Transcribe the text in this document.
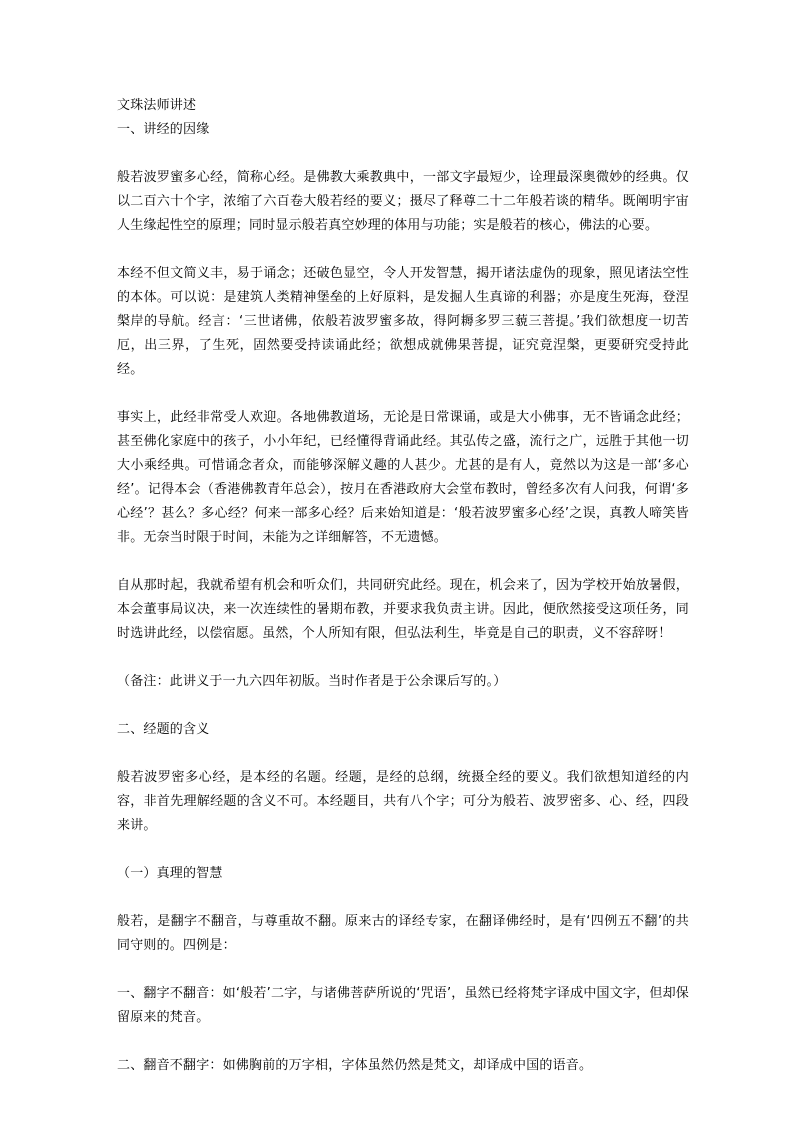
文珠法师讲述

一、讲经的因缘

般若波罗蜜多心经，简称心经。是佛教大乘教典中，一部文字最短少，诠理最深奥微妙的经典。仅以二百六十个字，浓缩了六百卷大般若经的要义；摄尽了释尊二十二年般若谈的精华。既阐明宇宙人生缘起性空的原理；同时显示般若真空妙理的体用与功能；实是般若的核心，佛法的心要。

本经不但文简义丰，易于诵念；还破色显空，令人开发智慧，揭开诸法虚伪的现象，照见诸法空性的本体。可以说：是建筑人类精神堡垒的上好原料，是发掘人生真谛的利器；亦是度生死海，登涅槃岸的导航。经言：‘三世诸佛，依般若波罗蜜多故，得阿耨多罗三藐三菩提。’我们欲想度一切苦厄，出三界，了生死，固然要受持读诵此经；欲想成就佛果菩提，证究竟涅槃，更要研究受持此经。

事实上，此经非常受人欢迎。各地佛教道场，无论是日常课诵，或是大小佛事，无不皆诵念此经；甚至佛化家庭中的孩子，小小年纪，已经懂得背诵此经。其弘传之盛，流行之广，远胜于其他一切大小乘经典。可惜诵念者众，而能够深解义趣的人甚少。尤甚的是有人，竟然以为这是一部‘多心经’。记得本会（香港佛教青年总会），按月在香港政府大会堂布教时，曾经多次有人问我，何谓‘多心经’？甚么？多心经？何来一部多心经？后来始知道是：‘般若波罗蜜多心经’之误，真教人啼笑皆非。无奈当时限于时间，未能为之详细解答，不无遗憾。

自从那时起，我就希望有机会和听众们，共同研究此经。现在，机会来了，因为学校开始放暑假，本会董事局议决，来一次连续性的暑期布教，并要求我负责主讲。因此，便欣然接受这项任务，同时选讲此经，以偿宿愿。虽然，个人所知有限，但弘法利生，毕竟是自己的职责，义不容辞呀！

（备注：此讲义于一九六四年初版。当时作者是于公余课后写的。）

二、经题的含义

般若波罗密多心经，是本经的名题。经题，是经的总纲，统摄全经的要义。我们欲想知道经的内容，非首先理解经题的含义不可。本经题目，共有八个字；可分为般若、波罗密多、心、经，四段来讲。

（一）真理的智慧

般若，是翻字不翻音，与尊重故不翻。原来古的译经专家，在翻译佛经时，是有‘四例五不翻’的共同守则的。四例是：

一、翻字不翻音：如‘般若’二字，与诸佛菩萨所说的‘咒语’，虽然已经将梵字译成中国文字，但却保留原来的梵音。

二、翻音不翻字：如佛胸前的万字相，字体虽然仍然是梵文，却译成中国的语音。
